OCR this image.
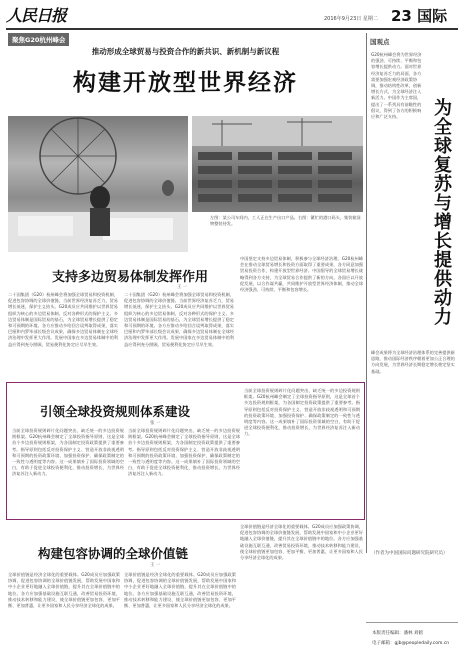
人民日报	2016年9月23日 星期二 23 国际
聚焦G20杭州峰会
推动形成全球贸易与投资合作的新共识、新机制与新议程
构建开放型世界经济
左图：某公司车间内，工人正在生产出口产品。右图：繁忙的港口码头，集装箱货物整装待发。
支持多边贸易体制发挥作用
王 一
二十国集团（G20）杭州峰会将加强全球贸易和投资机制，促进包容协调的全球价值链。当前世界经济复苏乏力，贸易增长低迷，保护主义抬头。G20成员应共同维护以世界贸易组织为核心的多边贸易体制，反对各种形式的保护主义。多边贸易体制是国际贸易的基石，为全球贸易增长提供了稳定和可预期的环境。各方应推动多哈回合谈判取得成果，落实巴厘和内罗毕部长级会议成果，确保多边贸易体制在全球经济治理中发挥更大作用。发展中国家在多边贸易体制中的利益应得到充分照顾，贸易便利化协定应尽早生效。
二十国集团（G20）杭州峰会将加强全球贸易和投资机制，促进包容协调的全球价值链。当前世界经济复苏乏力，贸易增长低迷，保护主义抬头。G20成员应共同维护以世界贸易组织为核心的多边贸易体制，反对各种形式的保护主义。多边贸易体制是国际贸易的基石，为全球贸易增长提供了稳定和可预期的环境。各方应推动多哈回合谈判取得成果，落实巴厘和内罗毕部长级会议成果，确保多边贸易体制在全球经济治理中发挥更大作用。发展中国家在多边贸易体制中的利益应得到充分照顾，贸易便利化协定应尽早生效。
中国坚定支持多边贸易体制，积极参与全球经济治理。G20杭州峰会在推动全球贸易增长和投资方面取得了重要成果，各方同意加强贸易投资合作，构建开放型世界经济。中国倡导的全球贸易增长战略得到各方支持，为全球贸易合作提供了新的方向。各国应以开放促发展，以合作谋共赢，共同维护开放型世界经济体制，推动全球经济强劲、可持续、平衡和包容增长。
引领全球投资规则体系建设
张 一
当前全球投资规则碎片化问题突出，缺乏统一的多边投资规则框架。G20杭州峰会制定了全球投资指导原则，这是全球首个多边投资规则框架，为各国制定投资政策提供了重要参考。指导原则包括反对投资保护主义、营造开放非歧视透明和可预期的投资政策环境、加强投资保护、确保政策制定的一致性与透明度等内容。这一成果填补了国际投资领域的空白，有助于促进全球投资便利化，推动投资增长，为世界经济复苏注入新动力。
当前全球投资规则碎片化问题突出，缺乏统一的多边投资规则框架。G20杭州峰会制定了全球投资指导原则，这是全球首个多边投资规则框架，为各国制定投资政策提供了重要参考。指导原则包括反对投资保护主义、营造开放非歧视透明和可预期的投资政策环境、加强投资保护、确保政策制定的一致性与透明度等内容。这一成果填补了国际投资领域的空白，有助于促进全球投资便利化，推动投资增长，为世界经济复苏注入新动力。
当前全球投资规则碎片化问题突出，缺乏统一的多边投资规则框架。G20杭州峰会制定了全球投资指导原则，这是全球首个多边投资规则框架，为各国制定投资政策提供了重要参考。指导原则包括反对投资保护主义、营造开放非歧视透明和可预期的投资政策环境、加强投资保护、确保政策制定的一致性与透明度等内容。这一成果填补了国际投资领域的空白，有助于促进全球投资便利化，推动投资增长，为世界经济复苏注入新动力。
构建包容协调的全球价值链
王 一
全球价值链是经济全球化的重要载体。G20成员应加强政策协调，促进包容协调的全球价值链发展，帮助发展中国家和中小企业更好地融入全球价值链，提升其在全球价值链中的地位。各方应加强基础设施互联互通，改善贸易投资环境，推动技术转移和能力建设，使全球价值链更加包容、更加平衡、更加普惠，让更多国家和人民分享经济全球化的成果。
全球价值链是经济全球化的重要载体。G20成员应加强政策协调，促进包容协调的全球价值链发展，帮助发展中国家和中小企业更好地融入全球价值链，提升其在全球价值链中的地位。各方应加强基础设施互联互通，改善贸易投资环境，推动技术转移和能力建设，使全球价值链更加包容、更加平衡、更加普惠，让更多国家和人民分享经济全球化的成果。
全球价值链是经济全球化的重要载体。G20成员应加强政策协调，促进包容协调的全球价值链发展，帮助发展中国家和中小企业更好地融入全球价值链，提升其在全球价值链中的地位。各方应加强基础设施互联互通，改善贸易投资环境，推动技术转移和能力建设，使全球价值链更加包容、更加平衡、更加普惠，让更多国家和人民分享经济全球化的成果。
国观点
G20杭州峰会将为世界经济的强劲、可持续、平衡和包容增长提供动力。面对世界经济复苏乏力的局面，各方需要加强宏观经济政策协调，推动结构性改革，创新增长方式，为全球经济注入新活力。中国作为主席国，提出了一系列具有前瞻性的倡议，得到了各方的积极响应和广泛支持。	为全球复苏与增长提供动力
峰会成果将为全球经济治理体系的完善提供新思路，推动国际经济秩序朝着更加公正合理的方向发展，为世界经济长期稳定增长奠定坚实基础。
（作者为中国国际问题研究院研究员）
本版责任编辑：潘林 刘鹤
电子邮箱：gjb@peopledaily.com.cn
